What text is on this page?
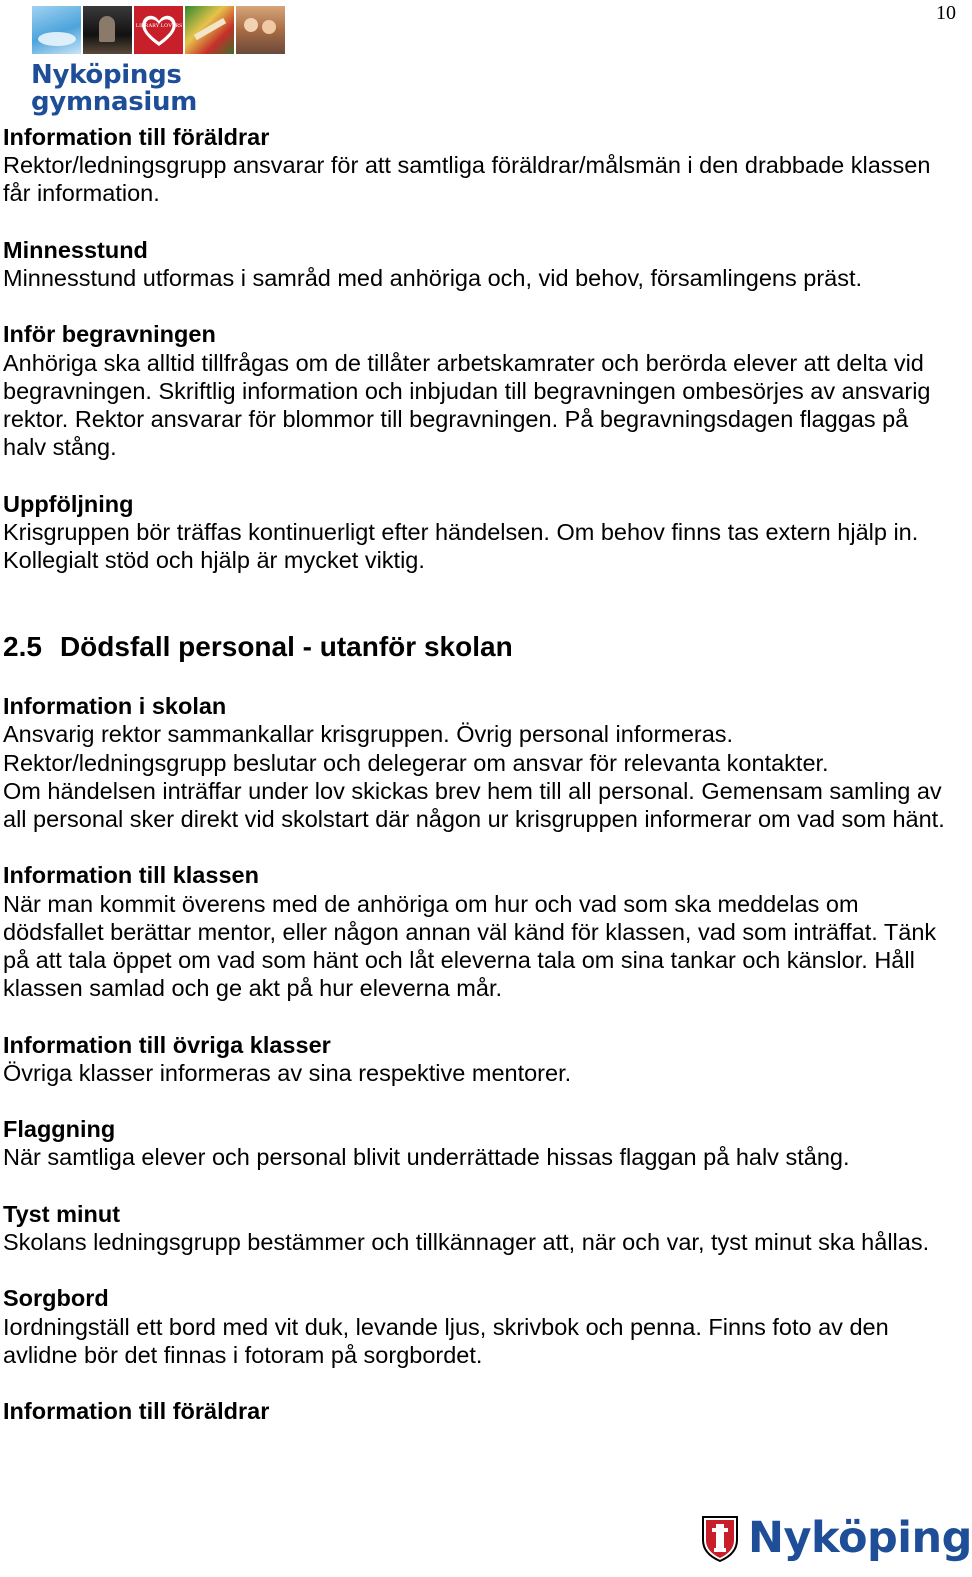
10
LIBRARY LOVERS
Nyköpings
gymnasium
Information till föräldrar

Rektor/ledningsgrupp ansvarar för att samtliga föräldrar/målsmän i den drabbade klassen får information.

Minnesstund

Minnesstund utformas i samråd med anhöriga och, vid behov, församlingens präst.

Inför begravningen

Anhöriga ska alltid tillfrågas om de tillåter arbetskamrater och berörda elever att delta vid begravningen. Skriftlig information och inbjudan till begravningen ombesörjes av ansvarig rektor. Rektor ansvarar för blommor till begravningen. På begravningsdagen flaggas på halv stång.

Uppföljning

Krisgruppen bör träffas kontinuerligt efter händelsen. Om behov finns tas extern hjälp in. Kollegialt stöd och hjälp är mycket viktig.

2.5 Dödsfall personal - utanför skolan
Information i skolan

Ansvarig rektor sammankallar krisgruppen. Övrig personal informeras.

Rektor/ledningsgrupp beslutar och delegerar om ansvar för relevanta kontakter.

Om händelsen inträffar under lov skickas brev hem till all personal. Gemensam samling av all personal sker direkt vid skolstart där någon ur krisgruppen informerar om vad som hänt.

Information till klassen

När man kommit överens med de anhöriga om hur och vad som ska meddelas om dödsfallet berättar mentor, eller någon annan väl känd för klassen, vad som inträffat. Tänk på att tala öppet om vad som hänt och låt eleverna tala om sina tankar och känslor. Håll klassen samlad och ge akt på hur eleverna mår.

Information till övriga klasser

Övriga klasser informeras av sina respektive mentorer.

Flaggning

När samtliga elever och personal blivit underrättade hissas flaggan på halv stång.

Tyst minut

Skolans ledningsgrupp bestämmer och tillkännager att, när och var, tyst minut ska hållas.

Sorgbord

Iordningställ ett bord med vit duk, levande ljus, skrivbok och penna. Finns foto av den avlidne bör det finnas i fotoram på sorgbordet.

Information till föräldrar
Nyköping
